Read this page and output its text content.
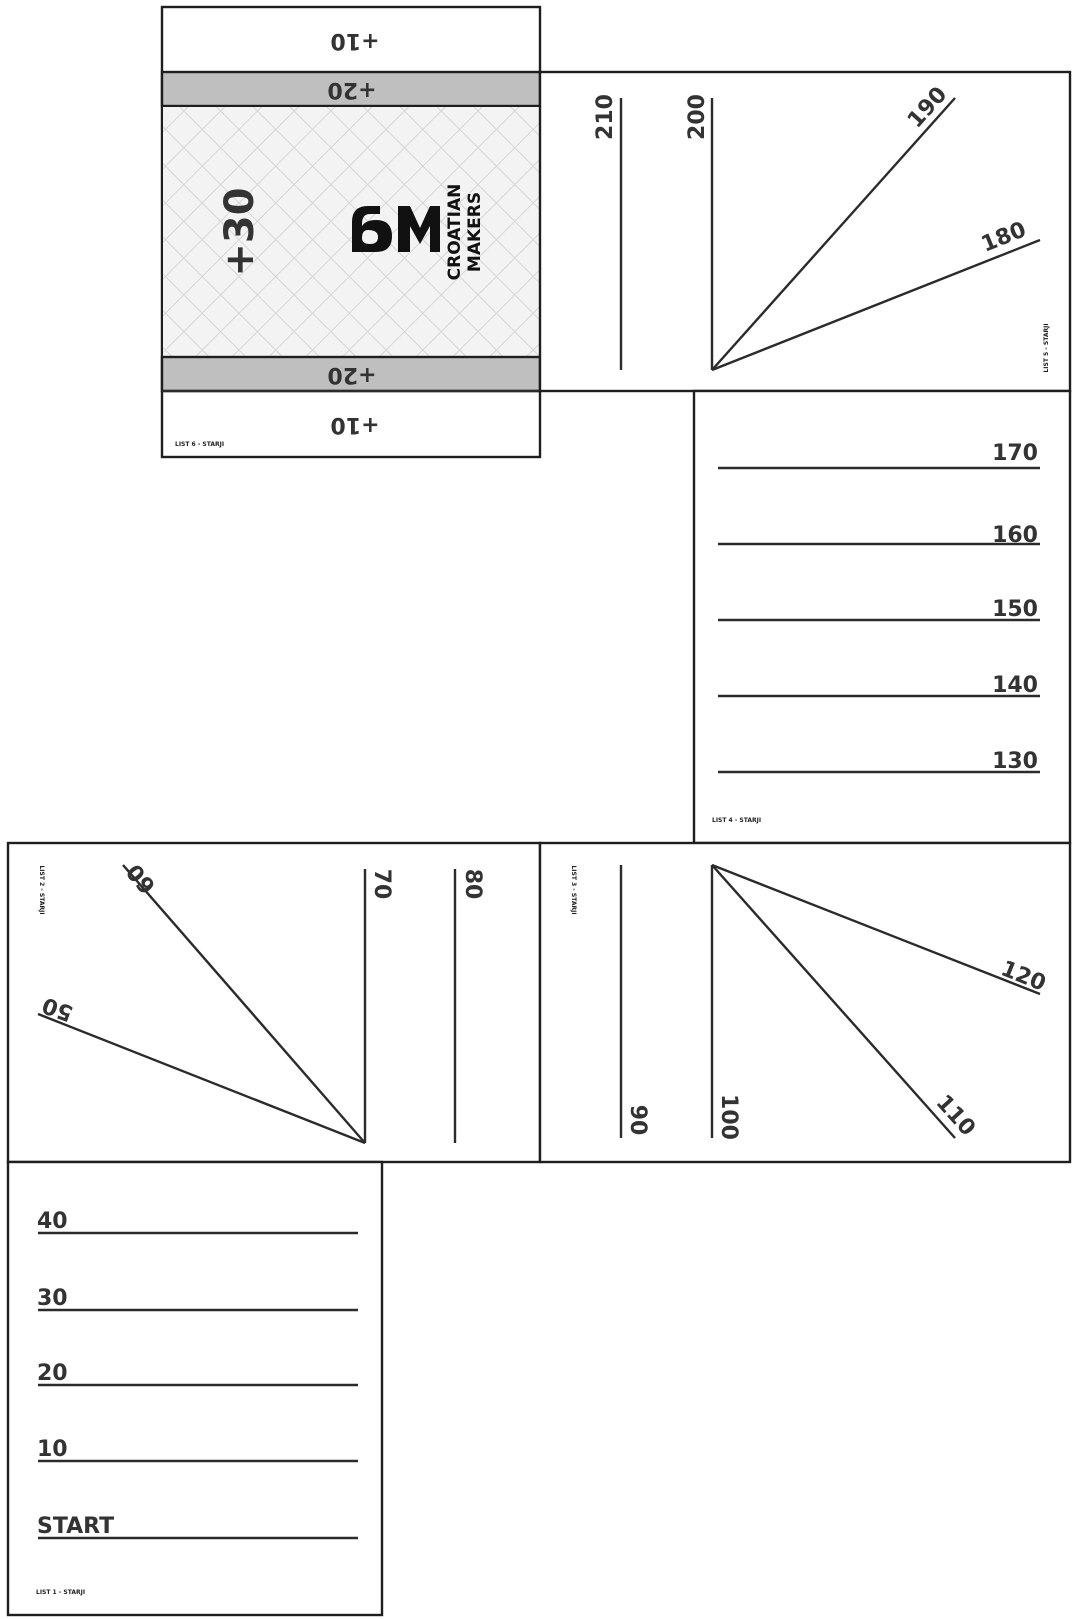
+10
+20
+30
+20
+10
CROATIAN MAKERS
LIST 6 - STARJI
210	200	190
180
LIST 5 - STARJI
170
160
150
140
130
LIST 4 - STARJI
60
50
70	80
LIST 2 - STARJI
90	100	110
120
LIST 3 - STARJI
40
30
20
10
START
LIST 1 - STARJI
